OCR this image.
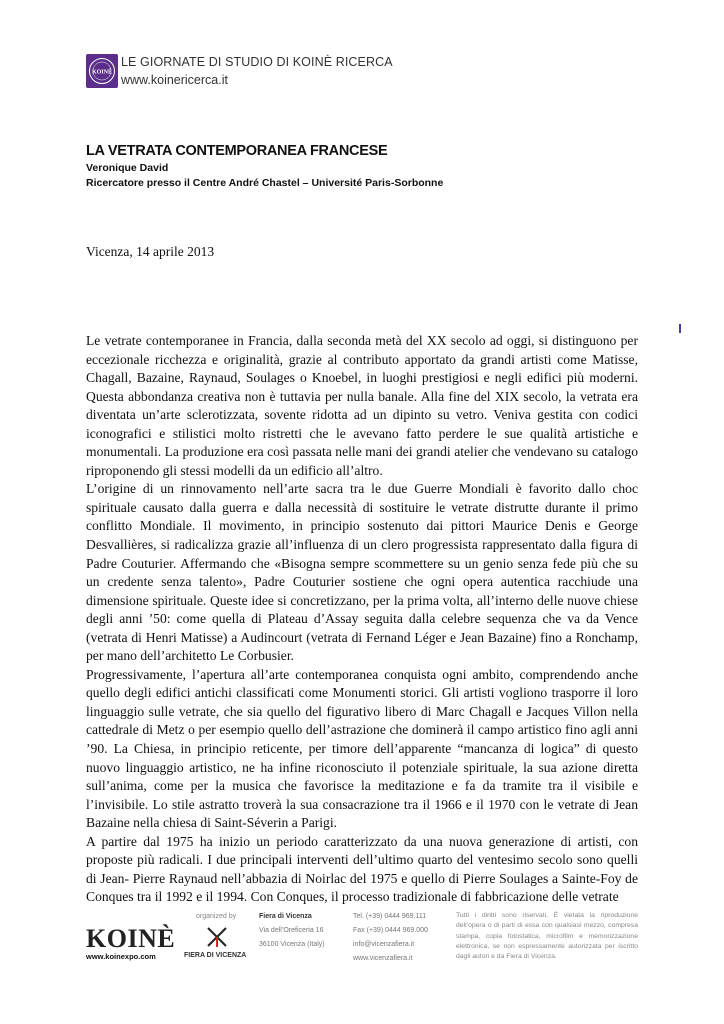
KOINÈ
LE GIORNATE DI STUDIO DI KOINÈ RICERCA
www.koinericerca.it
LA VETRATA CONTEMPORANEA FRANCESE
Veronique David
Ricercatore presso il Centre André Chastel – Université Paris-Sorbonne
Vicenza, 14 aprile 2013

Le vetrate contemporanee in Francia, dalla seconda metà del XX secolo ad oggi, si distinguono per eccezionale ricchezza e originalità, grazie al contributo apportato da grandi artisti come Matisse, Chagall, Bazaine, Raynaud, Soulages o Knoebel, in luoghi prestigiosi e negli edifici più moderni. Questa abbondanza creativa non è tuttavia per nulla banale. Alla fine del XIX secolo, la vetrata era diventata un’arte sclerotizzata, sovente ridotta ad un dipinto su vetro. Veniva gestita con codici iconografici e stilistici molto ristretti che le avevano fatto perdere le sue qualità artistiche e monumentali. La produzione era così passata nelle mani dei grandi atelier che vendevano su catalogo riproponendo gli stessi modelli da un edificio all’altro.

L’origine di un rinnovamento nell’arte sacra tra le due Guerre Mondiali è favorito dallo choc spirituale causato dalla guerra e dalla necessità di sostituire le vetrate distrutte durante il primo conflitto Mondiale. Il movimento, in principio sostenuto dai pittori Maurice Denis e George Desvallières, si radicalizza grazie all’influenza di un clero progressista rappresentato dalla figura di Padre Couturier. Affermando che «Bisogna sempre scommettere su un genio senza fede più che su un credente senza talento», Padre Couturier sostiene che ogni opera autentica racchiude una dimensione spirituale. Queste idee si concretizzano, per la prima volta, all’interno delle nuove chiese degli anni ’50: come quella di Plateau d’Assay seguita dalla celebre sequenza che va da Vence (vetrata di Henri Matisse) a Audincourt (vetrata di Fernand Léger e Jean Bazaine) fino a Ronchamp, per mano dell’architetto Le Corbusier.

Progressivamente, l’apertura all’arte contemporanea conquista ogni ambito, comprendendo anche quello degli edifici antichi classificati come Monumenti storici. Gli artisti vogliono trasporre il loro linguaggio sulle vetrate, che sia quello del figurativo libero di Marc Chagall e Jacques Villon nella cattedrale di Metz o per esempio quello dell’astrazione che dominerà il campo artistico fino agli anni ’90. La Chiesa, in principio reticente, per timore dell’apparente “mancanza di logica” di questo nuovo linguaggio artistico, ne ha infine riconosciuto il potenziale spirituale, la sua azione diretta sull’anima, come per la musica che favorisce la meditazione e fa da tramite tra il visibile e l’invisibile. Lo stile astratto troverà la sua consacrazione tra il 1966 e il 1970 con le vetrate di Jean Bazaine nella chiesa di Saint-Séverin a Parigi.

A partire dal 1975 ha inizio un periodo caratterizzato da una nuova generazione di artisti, con proposte più radicali. I due principali interventi dell’ultimo quarto del ventesimo secolo sono quelli di Jean- Pierre Raynaud nell’abbazia di Noirlac del 1975 e quello di Pierre Soulages a Sainte-Foy de Conques tra il 1992 e il 1994. Con Conques, il processo tradizionale di fabbricazione delle vetrate

KOINÈ
www.koinexpo.com
organized by
FIERA DI VICENZA
Fiera di Vicenza
Via dell’Oreficeria 16
36100 Vicenza (Italy)
Tel. (+39) 0444 969.111
Fax (+39) 0444 969.000
info@vicenzafiera.it
www.vicenzafiera.it
Tutti i diritti sono riservati. È vietata la riproduzione dell’opera o di parti di essa con qualsiasi mezzo, compresa stampa, copia fotostatica, microfilm e memorizzazione elettronica, se non espressamente autorizzata per iscritto dagli autori e da Fiera di Vicenza.
